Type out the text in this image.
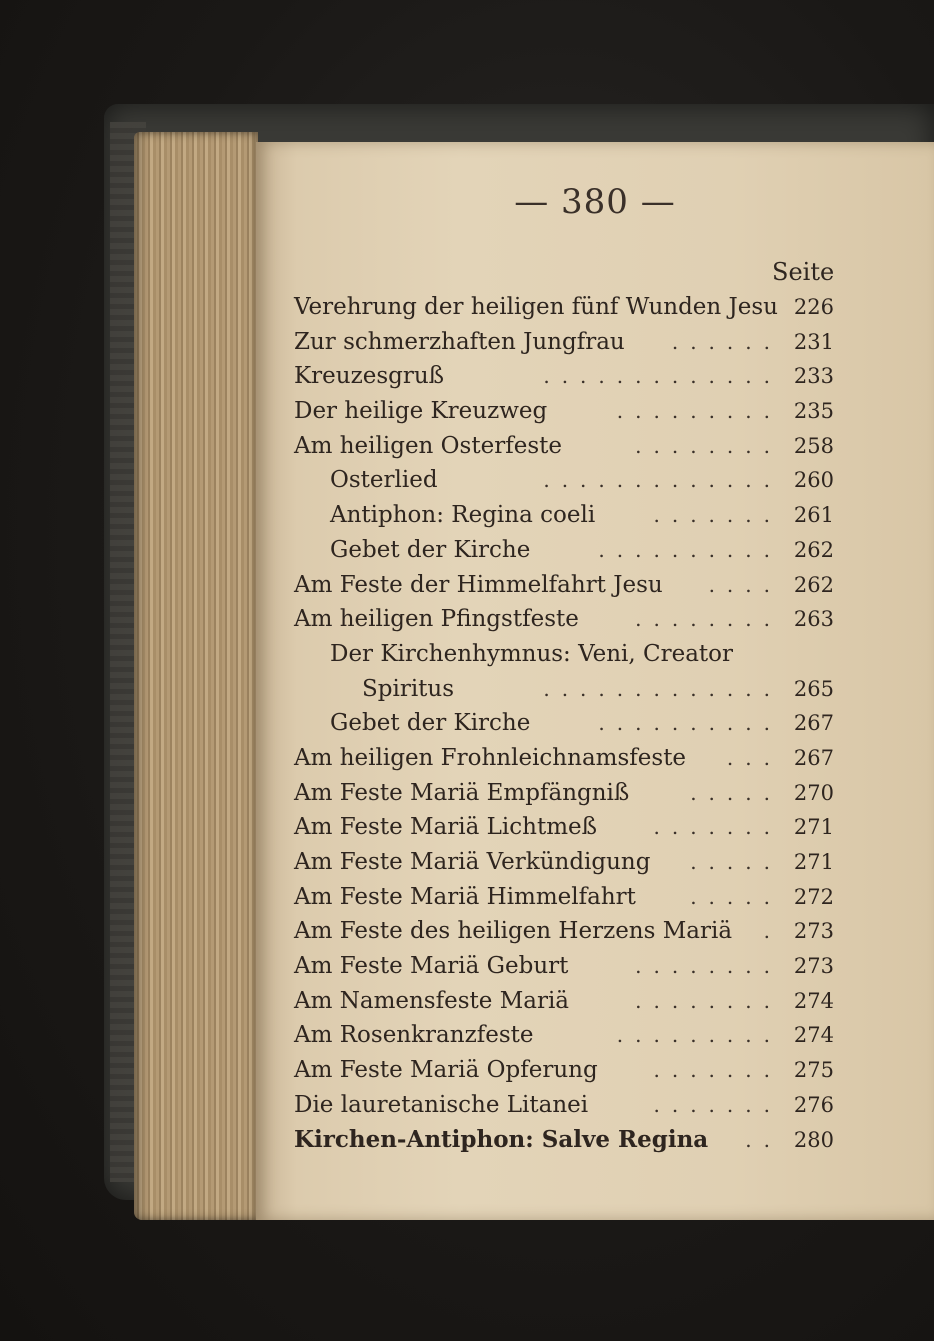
— 380 —
Seite
Verehrung der heiligen fünf Wunden Jesu 226
Zur schmerzhaften Jungfrau	231
......
Kreuzesgruß	233
.............
Der heilige Kreuzweg	235
.........
Am heiligen Osterfeste	258
........
Osterlied	260
.............
Antiphon: Regina coeli	261
.......
Gebet der Kirche	262
..........
Am Feste der Himmelfahrt Jesu	262
....
Am heiligen Pfingstfeste	263
........
Der Kirchenhymnus: Veni, Creator
Spiritus	265
.............
Gebet der Kirche	267
..........
Am heiligen Frohnleichnamsfeste	267
...
Am Feste Mariä Empfängniß	270
.....
Am Feste Mariä Lichtmeß	271
.......
Am Feste Mariä Verkündigung	271
.....
Am Feste Mariä Himmelfahrt	272
.....
Am Feste des heiligen Herzens Mariä	273
.
Am Feste Mariä Geburt	273
........
Am Namensfeste Mariä	274
........
Am Rosenkranzfeste	274
.........
Am Feste Mariä Opferung	275
.......
Die lauretanische Litanei	276
.......
Kirchen-Antiphon: Salve Regina	280
..
